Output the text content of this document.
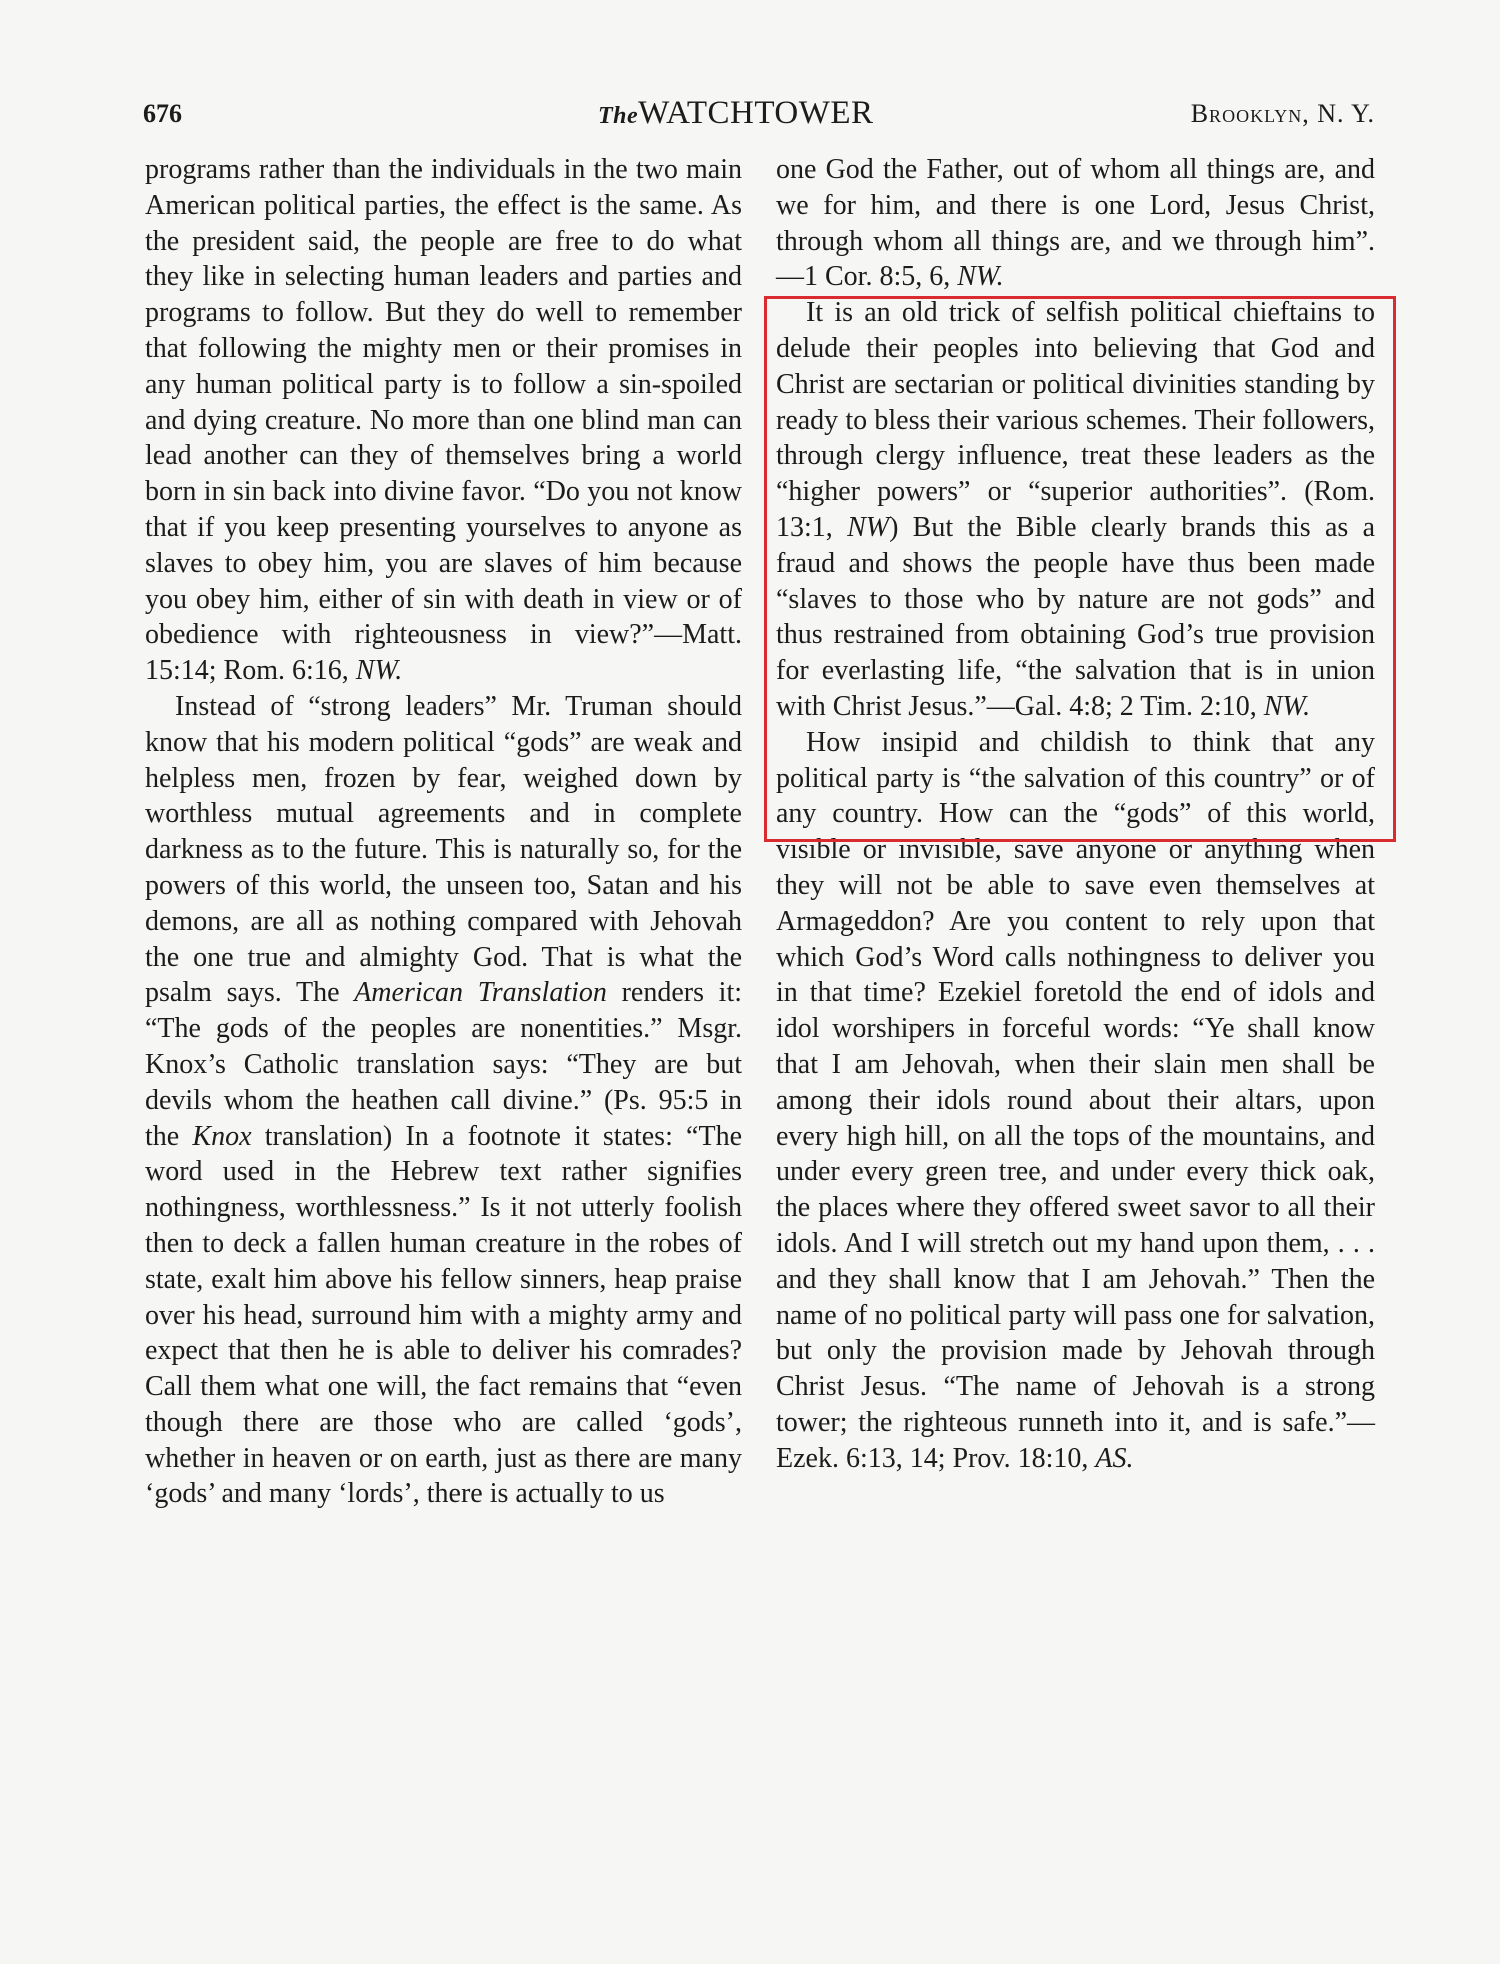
676	TheWATCHTOWER	Brooklyn, N. Y.

programs rather than the individuals in the two main American political parties, the effect is the same. As the president said, the people are free to do what they like in selecting human leaders and parties and programs to follow. But they do well to remember that following the mighty men or their promises in any human political party is to follow a sin-spoiled and dying creature. No more than one blind man can lead another can they of themselves bring a world born in sin back into divine favor. “Do you not know that if you keep presenting yourselves to anyone as slaves to obey him, you are slaves of him because you obey him, either of sin with death in view or of obedience with righteousness in view?”—Matt. 15:14; Rom. 6:16, NW.

Instead of “strong leaders” Mr. Truman should know that his modern political “gods” are weak and helpless men, frozen by fear, weighed down by worthless mutual agreements and in complete darkness as to the future. This is naturally so, for the powers of this world, the unseen too, Satan and his demons, are all as nothing compared with Jehovah the one true and almighty God. That is what the psalm says. The American Translation renders it: “The gods of the peoples are nonentities.” Msgr. Knox’s Catholic translation says: “They are but devils whom the heathen call divine.” (Ps. 95:5 in the Knox translation) In a footnote it states: “The word used in the Hebrew text rather signifies nothingness, worthlessness.” Is it not utterly foolish then to deck a fallen human creature in the robes of state, exalt him above his fellow sinners, heap praise over his head, surround him with a mighty army and expect that then he is able to deliver his comrades? Call them what one will, the fact remains that “even though there are those who are called ‘gods’, whether in heaven or on earth, just as there are many ‘gods’ and many ‘lords’, there is actually to us

one God the Father, out of whom all things are, and we for him, and there is one Lord, Jesus Christ, through whom all things are, and we through him”.—1 Cor. 8:5, 6, NW.

It is an old trick of selfish political chieftains to delude their peoples into believing that God and Christ are sectarian or political divinities standing by ready to bless their various schemes. Their followers, through clergy influence, treat these leaders as the “higher powers” or “superior authorities”. (Rom. 13:1, NW) But the Bible clearly brands this as a fraud and shows the people have thus been made “slaves to those who by nature are not gods” and thus restrained from obtaining God’s true provision for everlasting life, “the salvation that is in union with Christ Jesus.”—Gal. 4:8; 2 Tim. 2:10, NW.

How insipid and childish to think that any political party is “the salvation of this country” or of any country. How can the “gods” of this world, visible or invisible, save anyone or anything when they will not be able to save even themselves at Armageddon? Are you content to rely upon that which God’s Word calls nothingness to deliver you in that time? Ezekiel foretold the end of idols and idol worshipers in forceful words: “Ye shall know that I am Jehovah, when their slain men shall be among their idols round about their altars, upon every high hill, on all the tops of the mountains, and under every green tree, and under every thick oak, the places where they offered sweet savor to all their idols. And I will stretch out my hand upon them, . . . and they shall know that I am Jehovah.” Then the name of no political party will pass one for salvation, but only the provision made by Jehovah through Christ Jesus. “The name of Jehovah is a strong tower; the righteous runneth into it, and is safe.”—Ezek. 6:13, 14; Prov. 18:10, AS.
